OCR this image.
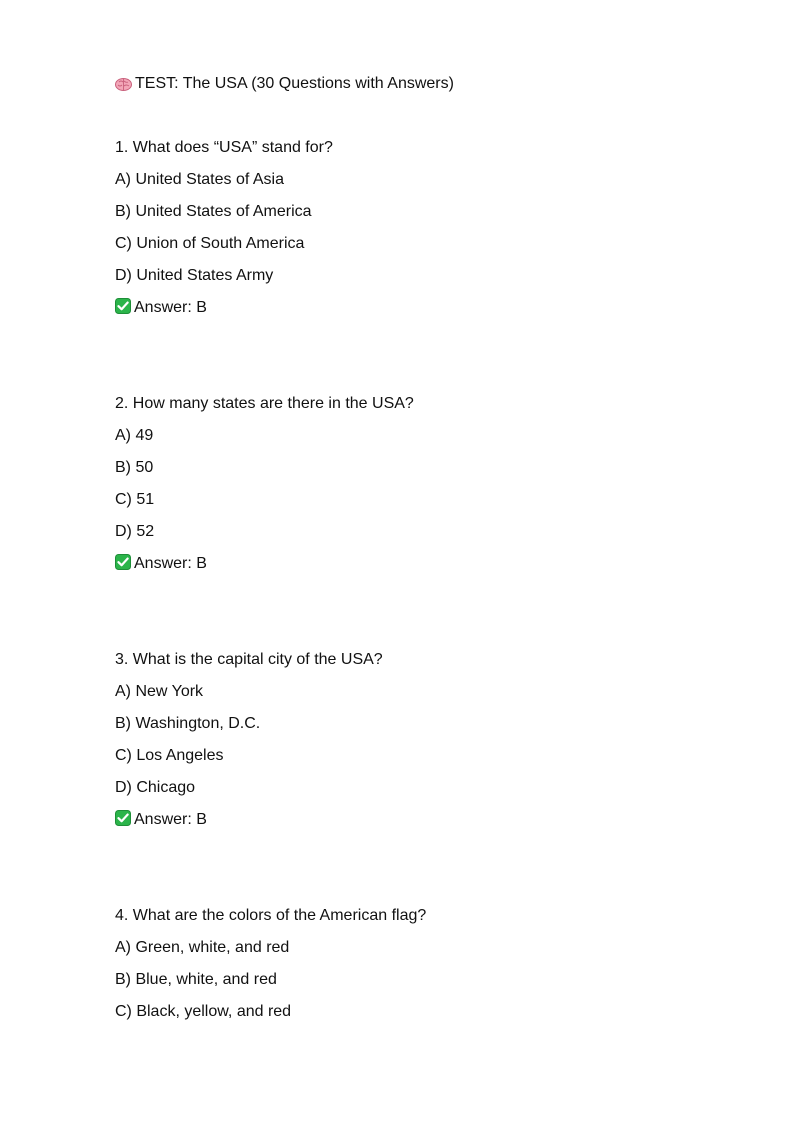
TEST: The USA (30 Questions with Answers)
1. What does “USA” stand for?
A) United States of Asia
B) United States of America
C) Union of South America
D) United States Army
Answer: B
2. How many states are there in the USA?
A) 49
B) 50
C) 51
D) 52
Answer: B
3. What is the capital city of the USA?
A) New York
B) Washington, D.C.
C) Los Angeles
D) Chicago
Answer: B
4. What are the colors of the American flag?
A) Green, white, and red
B) Blue, white, and red
C) Black, yellow, and red
